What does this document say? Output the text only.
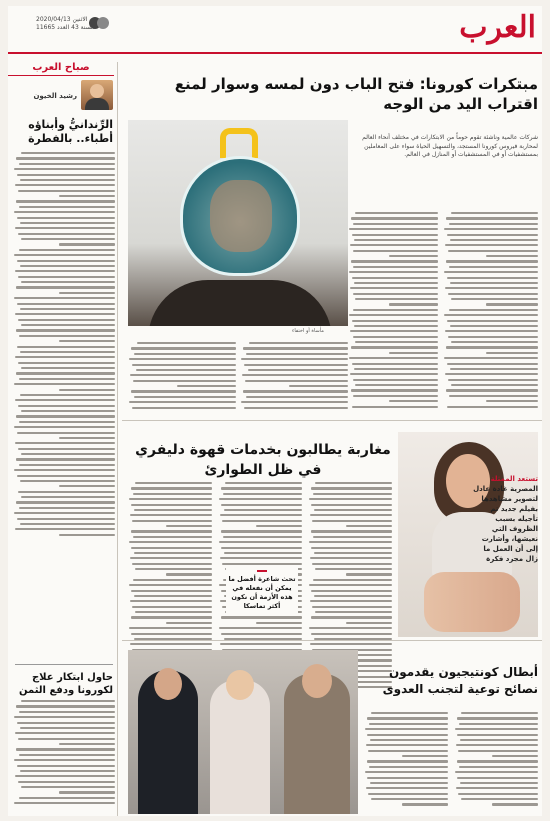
العرب
2020/04/13 الاثنين
السنة 43 العدد 11665
صباح العرب
رشيد الخيون
الرِّندانيُّ وأبناؤه أطباء.. بالفطرة
حاول ابتكار علاج لكورونا ودفع الثمن
مبتكرات كورونا: فتح الباب دون لمسه وسوار لمنع اقتراب اليد من الوجه
شركات عالمية وناشئة تقوم حوماً من الابتكارات في مختلف أنحاء العالم لمحاربة فيروس كورونا المستجد، والتسهيل الحياة سواء على المعاملين بمستشفيات أو في المستشفيات أو المنازل في العالم.
مأساة أو اختفاء
مغاربة يطالبون بخدمات قهوة دليفري في ظل الطوارئ
تستعد الممثلة
المصرية غادة عادل لتصوير مشاهدها بفيلم جديد تم تأجيله بسبب الظروف التي نعيشها، وأشارت إلى أن العمل ما زال مجرد فكرة
تحث شاعرة أفضل ما يمكن أن نفعله في هذه الأزمة أن نكون أكثر تماسكا
أبطال كونتيجيون يقدمون نصائح توعية لتجنب العدوى
